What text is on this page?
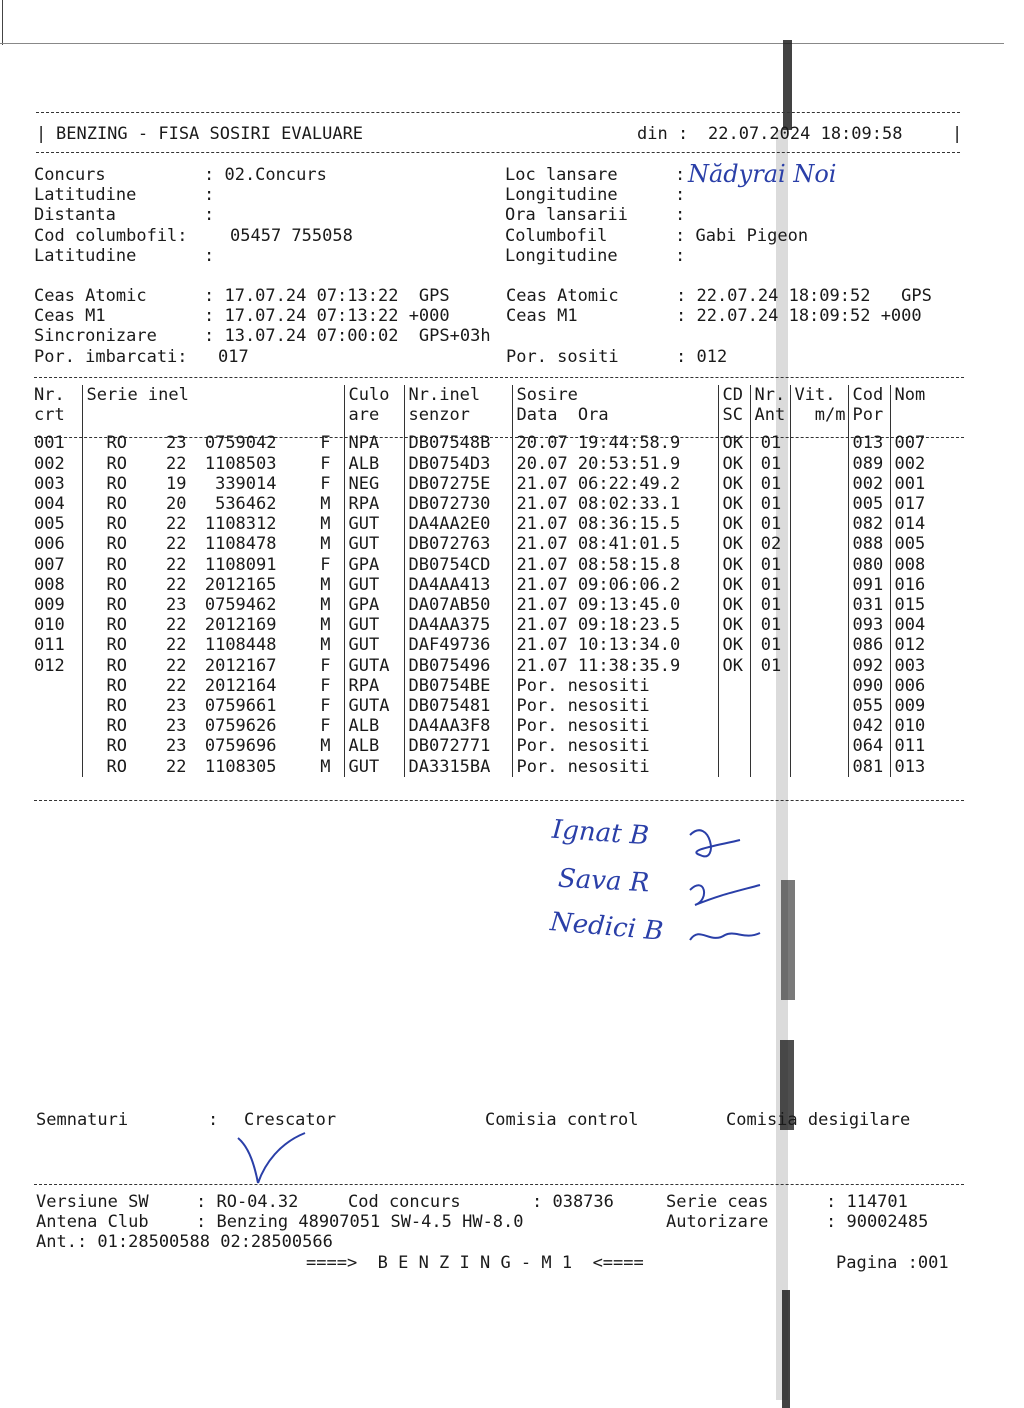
| BENZING - FISA SOSIRI EVALUARE	din : 22.07.2024 18:09:58	|
Concurs	: 02.Concurs
Latitudine	:
Distanta	:
Cod columbofil: 05457 755058
Latitudine	:
Loc lansare	:
Longitudine	:
Ora lansarii	:
Columbofil	: Gabi Pigeon
Longitudine	:
Nădyrai Noi
Ceas Atomic	: 17.07.24 07:13:22  GPS
Ceas M1	: 17.07.24 07:13:22 +000
Sincronizare	: 13.07.24 07:00:02  GPS+03h
Por. imbarcati: 017
Ceas Atomic	: 22.07.24 18:09:52   GPS
Ceas M1	: 22.07.24 18:09:52 +000
Por. sositi	: 012
Nr.	Serie inel	Culo	Nr.inel	Sosire	CD	Nr.	Vit.	Cod	Nom
crt		are	senzor	Data  Ora	SC	Ant	m/m	Por	

001	RO 23 0759042 F	NPA	DB07548B	20.07 19:44:58.9	OK	01		013	007
002	RO 22 1108503 F	ALB	DB0754D3	20.07 20:53:51.9	OK	01		089	002
003	RO 19 339014 F	NEG	DB07275E	21.07 06:22:49.2	OK	01		002	001
004	RO 20 536462 M	RPA	DB072730	21.07 08:02:33.1	OK	01		005	017
005	RO 22 1108312 M	GUT	DA4AA2E0	21.07 08:36:15.5	OK	01		082	014
006	RO 22 1108478 M	GUT	DB072763	21.07 08:41:01.5	OK	02		088	005
007	RO 22 1108091 F	GPA	DB0754CD	21.07 08:58:15.8	OK	01		080	008
008	RO 22 2012165 M	GUT	DA4AA413	21.07 09:06:06.2	OK	01		091	016
009	RO 23 0759462 M	GPA	DA07AB50	21.07 09:13:45.0	OK	01		031	015
010	RO 22 2012169 M	GUT	DA4AA375	21.07 09:18:23.5	OK	01		093	004
011	RO 22 1108448 M	GUT	DAF49736	21.07 10:13:34.0	OK	01		086	012
012	RO 22 2012167 F	GUTA	DB075496	21.07 11:38:35.9	OK	01		092	003
	RO 22 2012164 F	RPA	DB0754BE	Por. nesositi				090	006
	RO 23 0759661 F	GUTA	DB075481	Por. nesositi				055	009
	RO 23 0759626 F	ALB	DA4AA3F8	Por. nesositi				042	010
	RO 23 0759696 M	ALB	DB072771	Por. nesositi				064	011
	RO 22 1108305 M	GUT	DA3315BA	Por. nesositi				081	013
Ignat B
Sava R
Nedici B
Semnaturi	: Crescator	Comisia control	Comisia desigilare
Versiune SW	: RO-04.32	Cod concurs	: 038736	Serie ceas	: 114701
Antena Club	: Benzing 48907051 SW-4.5 HW-8.0	Autorizare	: 90002485
Ant.: 01:28500588 02:28500566
====>  B E N Z I N G - M 1  <====	Pagina :001
